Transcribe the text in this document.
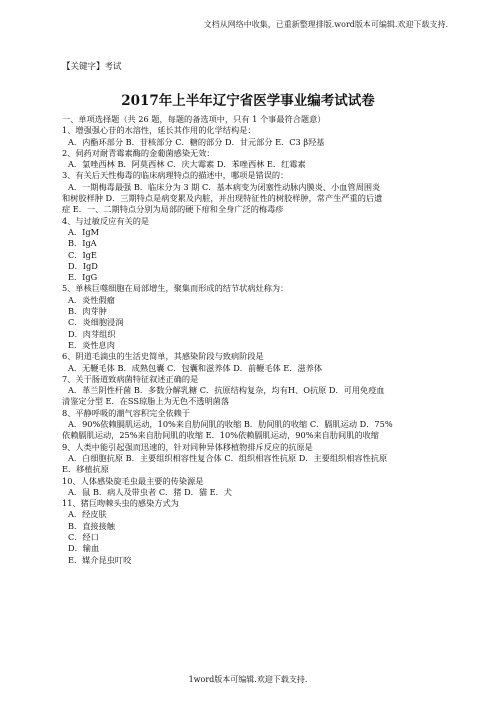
文档从网络中收集，已重新整理排版.word版本可编辑.欢迎下载支持.
【关键字】考试
2017年上半年辽宁省医学事业编考试试卷
一、单项选择题（共 26 题，每题的备选项中，只有 1 个事最符合题意）
1、增强强心苷的水溶性，延长其作用的化学结构是：
A．内酯环部分 B．苷核部分 C．糖的部分 D．甘元部分 E．C3 β羟基
2、伺药对耐青霉素酶的金葡菌感染无效：
A．氯唑西林 B．阿莫西林 C．庆大霉素 D．苯唑西林 E．红霉素
3、有关后天性梅毒的临床病理特点的描述中，哪项是错误的：
A．一期梅毒最强 B．临床分为 3 期 C．基本病变为闭塞性动脉内膜炎、小血管周围炎
和树胶样肿 D．三期特点是病变累及内脏，并出现特征性的树胶样肿，常产生严重的后遗
症 E．一、二期特点分别为局部的硬下疳和全身广泛的梅毒疹
4、与过敏反应有关的是
A．IgM
B．IgA
C．IgE
D．IgD
E．IgG
5、单核巨噬细胞在局部增生，聚集而形成的结节状病灶称为：
A．炎性假瘤
B．肉芽肿
C．炎细胞浸润
D．肉芽组织
E．炎性息肉
6、阴道毛滴虫的生活史简单，其感染阶段与致病阶段是
A．无鞭毛体 B．成熟包囊 C．包囊和滋养体 D．前鞭毛体 E．滋养体
7、关于肠道致病菌特征叙述正确的是
A．革兰阴性杆菌 B．多数分解乳糖 C．抗原结构复杂，均有H、O抗原 D．可用免疫血
清鉴定分型 E．在SS琼脂上为无色不透明菌落
8、平静呼吸的潮气容积完全依赖于
A．90%依赖膈肌运动，10%来自肋间肌的收缩 B．肋间肌的收缩 C．膈肌运动 D．75%
依赖膈肌运动，25%来自肋间肌的收缩 E．10%依赖膈肌运动，90%来自肋间肌的收缩
9、人类中能引起强而迅速的，针对同种异体移植物排斥反应的抗原是
A．白细胞抗原 B．主要组织相容性复合体 C．组织相容性抗原 D．主要组织相容性抗原
E．移植抗原
10、人体感染旋毛虫最主要的传染源是
A．鼠 B．病人及带虫者 C．猪 D．猫 E．犬
11、猪巨吻棘头虫的感染方式为
A．经皮肤
B．直接接触
C．经口
D．输血
E．媒介昆虫叮咬
1word版本可编辑.欢迎下载支持.
